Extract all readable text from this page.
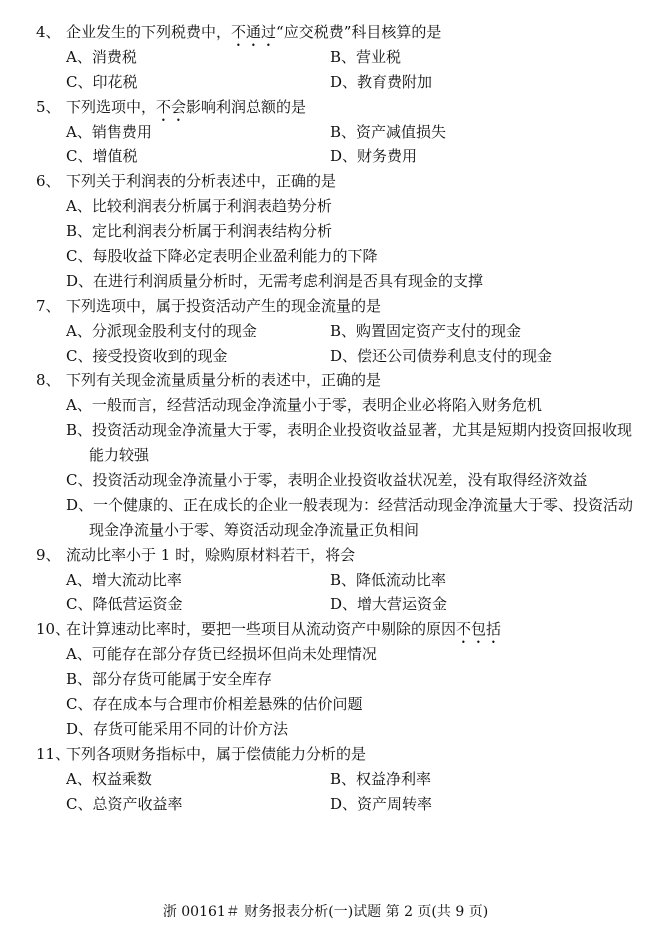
4、 企业发生的下列税费中，不通过“应交税费”科目核算的是
A、消费税	B、营业税
C、印花税	D、教育费附加
5、 下列选项中，不会影响利润总额的是
A、销售费用	B、资产减值损失
C、增值税	D、财务费用
6、 下列关于利润表的分析表述中，正确的是
A、比较利润表分析属于利润表趋势分析
B、定比利润表分析属于利润表结构分析
C、每股收益下降必定表明企业盈利能力的下降
D、在进行利润质量分析时，无需考虑利润是否具有现金的支撑
7、 下列选项中，属于投资活动产生的现金流量的是
A、分派现金股利支付的现金	B、购置固定资产支付的现金
C、接受投资收到的现金	D、偿还公司债券利息支付的现金
8、 下列有关现金流量质量分析的表述中，正确的是
A、一般而言，经营活动现金净流量小于零，表明企业必将陷入财务危机
B、投资活动现金净流量大于零，表明企业投资收益显著，尤其是短期内投资回报收现
能力较强
C、投资活动现金净流量小于零，表明企业投资收益状况差，没有取得经济效益
D、一个健康的、正在成长的企业一般表现为：经营活动现金净流量大于零、投资活动
现金净流量小于零、筹资活动现金净流量正负相间
9、 流动比率小于 1 时，赊购原材料若干，将会
A、增大流动比率	B、降低流动比率
C、降低营运资金	D、增大营运资金
10、
在计算速动比率时，要把一些项目从流动资产中剔除的原因不包括
A、可能存在部分存货已经损坏但尚未处理情况
B、部分存货可能属于安全库存
C、存在成本与合理市价相差悬殊的估价问题
D、存货可能采用不同的计价方法
11、
下列各项财务指标中，属于偿债能力分析的是
A、权益乘数	B、权益净利率
C、总资产收益率	D、资产周转率
浙 00161＃ 财务报表分析(一)试题 第 2 页(共 9 页)
